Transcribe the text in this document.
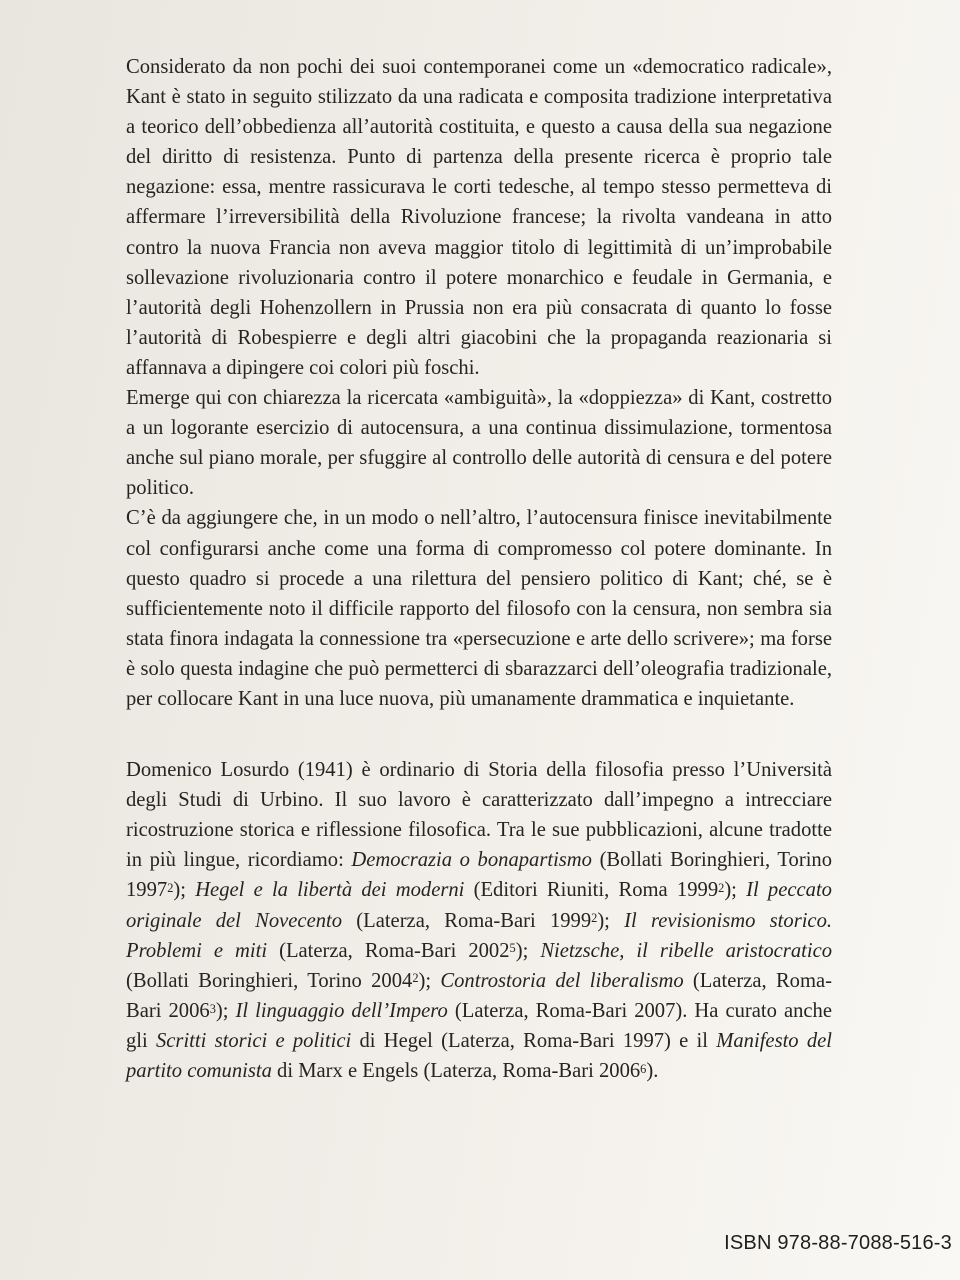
Considerato da non pochi dei suoi contemporanei come un «democratico radicale», Kant è stato in seguito stilizzato da una radicata e composita tradizione interpretativa a teorico dell’obbedienza all’autorità costituita, e questo a causa della sua negazione del diritto di resistenza. Punto di partenza della presente ricerca è proprio tale negazione: essa, mentre rassicurava le corti tedesche, al tempo stesso permetteva di affermare l’irreversibilità della Rivoluzione francese; la rivolta vandeana in atto contro la nuova Francia non aveva maggior titolo di legittimità di un’improbabile sollevazione rivoluzionaria contro il potere monarchico e feudale in Germania, e l’autorità degli Hohenzollern in Prussia non era più consacrata di quanto lo fosse l’autorità di Robespierre e degli altri giacobini che la propaganda reazionaria si affannava a dipingere coi colori più foschi.

Emerge qui con chiarezza la ricercata «ambiguità», la «doppiezza» di Kant, costretto a un logorante esercizio di autocensura, a una continua dissimulazione, tormentosa anche sul piano morale, per sfuggire al controllo delle autorità di censura e del potere politico.

C’è da aggiungere che, in un modo o nell’altro, l’autocensura finisce inevitabilmente col configurarsi anche come una forma di compromesso col potere dominante. In questo quadro si procede a una rilettura del pensiero politico di Kant; ché, se è sufficientemente noto il difficile rapporto del filosofo con la censura, non sembra sia stata finora indagata la connessione tra «persecuzione e arte dello scrivere»; ma forse è solo questa indagine che può permetterci di sbarazzarci dell’oleografia tradizionale, per collocare Kant in una luce nuova, più umanamente drammatica e inquietante.

Domenico Losurdo (1941) è ordinario di Storia della filosofia presso l’Università degli Studi di Urbino. Il suo lavoro è caratterizzato dall’impegno a intrecciare ricostruzione storica e riflessione filosofica. Tra le sue pubblicazioni, alcune tradotte in più lingue, ricordiamo: Democrazia o bonapartismo (Bollati Boringhieri, Torino 1997$^2$); Hegel e la libertà dei moderni (Editori Riuniti, Roma 1999$^2$); Il peccato originale del Novecento (Laterza, Roma-Bari 1999$^2$); Il revisionismo storico. Problemi e miti (Laterza, Roma-Bari 2002$^5$); Nietzsche, il ribelle aristocratico (Bollati Boringhieri, Torino 2004$^2$); Controstoria del liberalismo (Laterza, Roma-Bari 2006$^3$); Il linguaggio dell’Impero (Laterza, Roma-Bari 2007). Ha curato anche gli Scritti storici e politici di Hegel (Laterza, Roma-Bari 1997) e il Manifesto del partito comunista di Marx e Engels (Laterza, Roma-Bari 2006$^6$).

ISBN 978-88-7088-516-3
